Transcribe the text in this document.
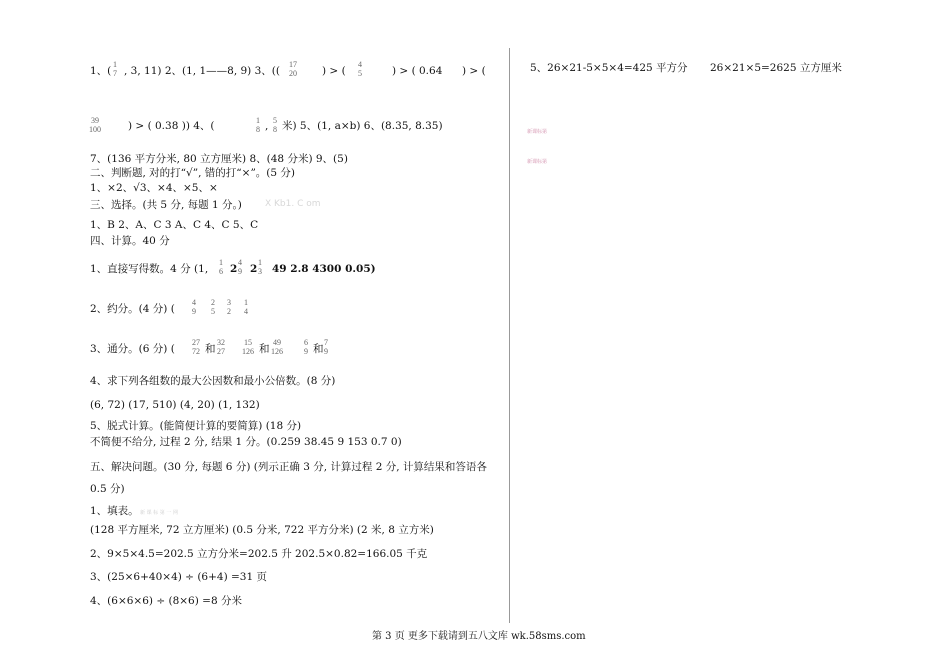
1、(
1
7 , 3, 11) 2、(1, 1——8, 9) 3、((
17
20 ) > (
4
5	) > ( 0.64 ) > (
39
100	) > ( 0.38 )) 4、(	1
8 , 5
8 米) 5、(1, a×b) 6、(8.35, 8.35)
7、(136 平方分米, 80 立方厘米) 8、(48 分米) 9、(5)
二、判断题, 对的打“√”, 错的打“×”。(5 分)
1、×2、√3、×4、×5、×
三、选择。(共 5 分, 每题 1 分。)	X Kb1. C om
1、B 2、A、C 3 A、C 4、C 5、C
四、计算。40 分
1、直接写得数。4 分 (1,
1
6 2
4
9 2
1
3 49 2.8 4300 0.05)
2、约分。(4 分) (
4
9
2
5
3
2
1
4
3、通分。(6 分) (
27
72 和
32
27
15
126 和
49
126
6
9 和
7
9
4、求下列各组数的最大公因数和最小公倍数。(8 分)
(6, 72) (17, 510) (4, 20) (1, 132)
5、脱式计算。(能简便计算的要简算) (18 分)
不简便不给分, 过程 2 分, 结果 1 分。(0.259 38.45 9 153 0.7 0)
五、解决问题。(30 分, 每题 6 分) (列示正确 3 分, 计算过程 2 分, 计算结果和答语各
0.5 分)
1、填表。 新 课 标 第 一 网
(128 平方厘米, 72 立方厘米) (0.5 分米, 722 平方分米) (2 米, 8 立方米)
2、9×5×4.5=202.5 立方分米=202.5 升 202.5×0.82=166.05 千克
3、(25×6+40×4) ÷ (6+4) =31 页
4、(6×6×6) ÷ (8×6) =8 分米
5、26×21-5×5×4=425 平方分 26×21×5=2625 立方厘米
新课标第
新课标第
第 3 页 更多下载请到五八文库 wk.58sms.com
